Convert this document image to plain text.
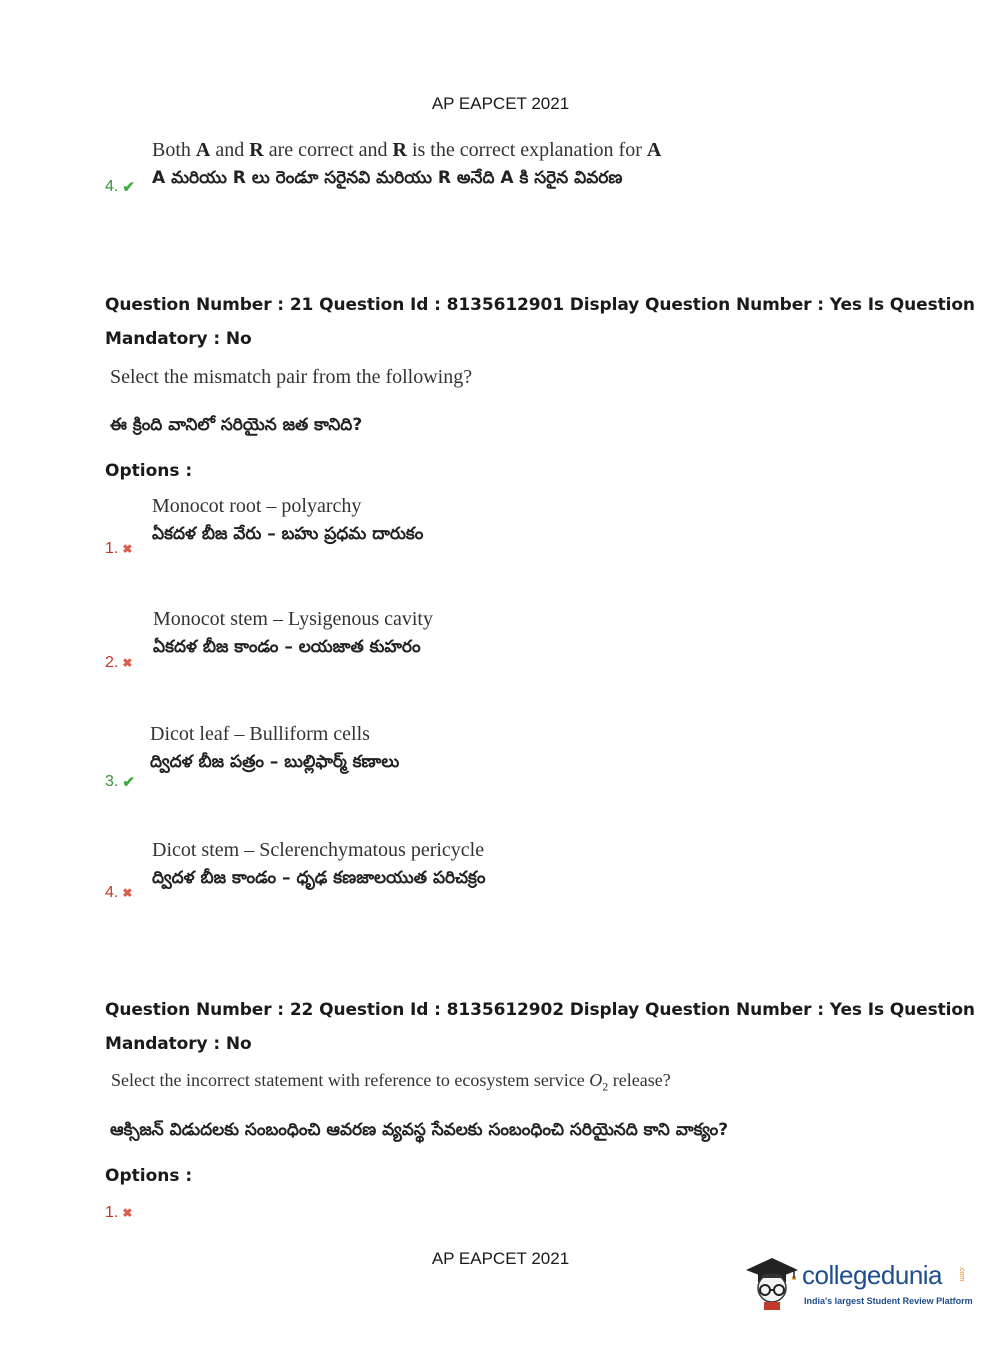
AP EAPCET 2021
Both A and R are correct and R is the correct explanation for A
A మరియు R లు రెండూ సరైనవి మరియు R అనేది A కి సరైన వివరణ
4. ✔
Question Number : 21 Question Id : 8135612901 Display Question Number : Yes Is Question
Mandatory : No
Select the mismatch pair from the following?
ఈ క్రింది వానిలో సరియైన జత కానిది?
Options :
Monocot root – polyarchy
ఏకదళ బీజ వేరు – బహు ప్రధమ దారుకం
1. ✖
Monocot stem – Lysigenous cavity
ఏకదళ బీజ కాండం – లయజాత కుహరం
2. ✖
Dicot leaf – Bulliform cells
ద్విదళ బీజ పత్రం – బుల్లిఫార్మ్ కణాలు
3. ✔
Dicot stem – Sclerenchymatous pericycle
ద్విదళ బీజ కాండం – ధృఢ కణజాలయుత పరిచక్రం
4. ✖
Question Number : 22 Question Id : 8135612902 Display Question Number : Yes Is Question
Mandatory : No
Select the incorrect statement with reference to ecosystem service $O_2$ release?
ఆక్సిజన్ విడుదలకు సంబంధించి ఆవరణ వ్యవస్థ సేవలకు సంబంధించి సరియైనది కాని వాక్యం?
Options :
1. ✖
AP EAPCET 2021
collegedunia .com
India's largest Student Review Platform
